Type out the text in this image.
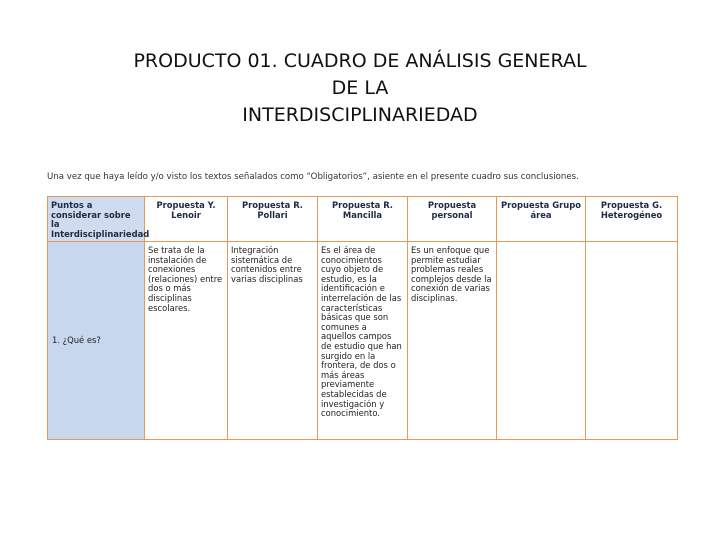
PRODUCTO 01. CUADRO DE ANÁLISIS GENERAL
DE LA
INTERDISCIPLINARIEDAD
Una vez que haya leído y/o visto los textos señalados como “Obligatorios”, asiente en el presente cuadro sus conclusiones.
Puntos a considerar sobre la Interdisciplinariedad	Propuesta Y. Lenoir	Propuesta R. Pollari	Propuesta R. Mancilla	Propuesta personal	Propuesta Grupo área	Propuesta G. Heterogéneo
1. ¿Qué es?	Se trata de la instalación de conexiones (relaciones) entre dos o más disciplinas escolares.	Integración sistemática de contenidos entre varias disciplinas	Es el área de conocimientos cuyo objeto de estudio, es la identificación e interrelación de las características básicas que son comunes a aquellos campos de estudio que han surgido en la frontera, de dos o más áreas previamente establecidas de investigación y conocimiento.	Es un enfoque que permite estudiar problemas reales complejos desde la conexión de varias disciplinas.		
